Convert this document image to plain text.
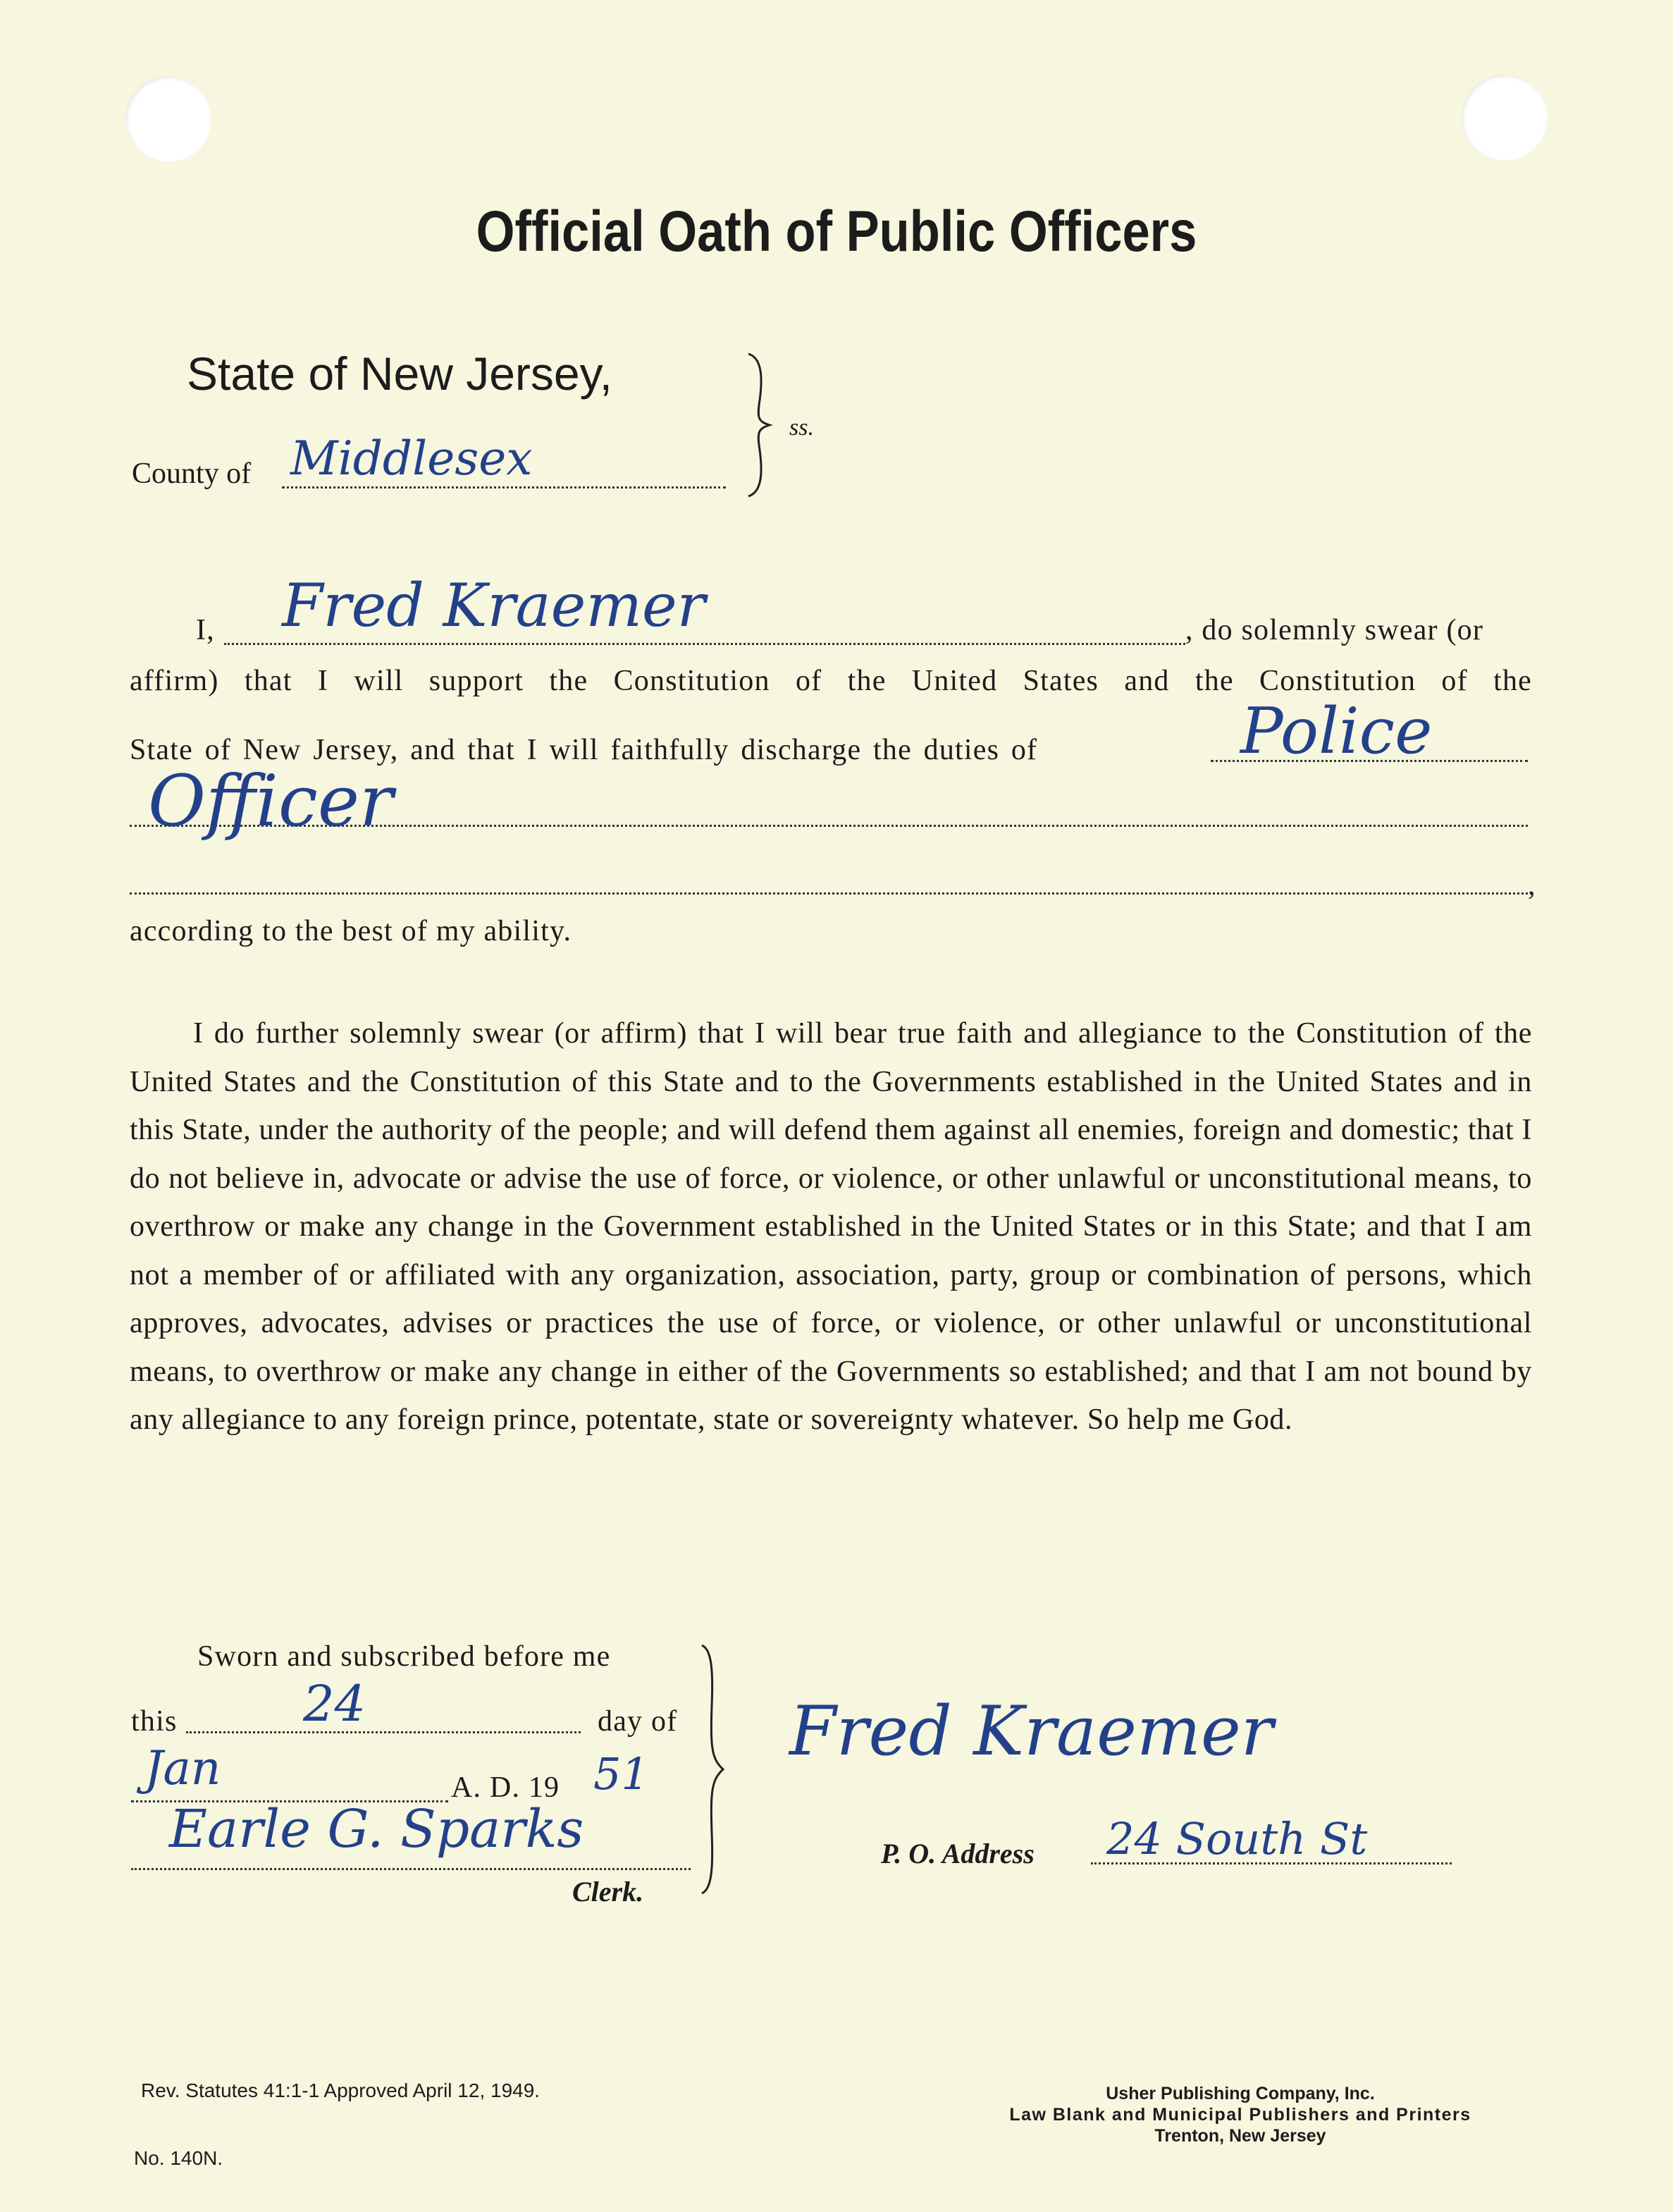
Official Oath of Public Officers
State of New Jersey,
ss.
County of Middlesex
I, Fred Kraemer	, do solemnly swear (or
affirm) that I will support the Constitution of the United States and the Constitution of the
State of New Jersey, and that I will faithfully discharge the duties of	Police
Officer
,
according to the best of my ability.
I do further solemnly swear (or affirm) that I will bear true faith and allegiance to the Constitution of the United States and the Constitution of this State and to the Governments established in the United States and in this State, under the authority of the people; and will defend them against all enemies, foreign and domestic; that I do not believe in, advocate or advise the use of force, or violence, or other unlawful or unconstitutional means, to overthrow or make any change in the Government established in the United States or in this State; and that I am not a member of or affiliated with any organization, association, party, group or combination of persons, which approves, advocates, advises or practices the use of force, or violence, or other unlawful or unconstitutional means, to overthrow or make any change in either of the Governments so established; and that I am not bound by any allegiance to any foreign prince, potentate, state or sovereignty whatever. So help me God.
Sworn and subscribed before me
this	24	day of
Jan	A. D. 19 51
Earle G. Sparks
Clerk.
Fred Kraemer
P. O. Address 24 South St
Rev. Statutes 41:1-1 Approved April 12, 1949.
No. 140N.
Usher Publishing Company, Inc.
Law Blank and Municipal Publishers and Printers
Trenton, New Jersey
